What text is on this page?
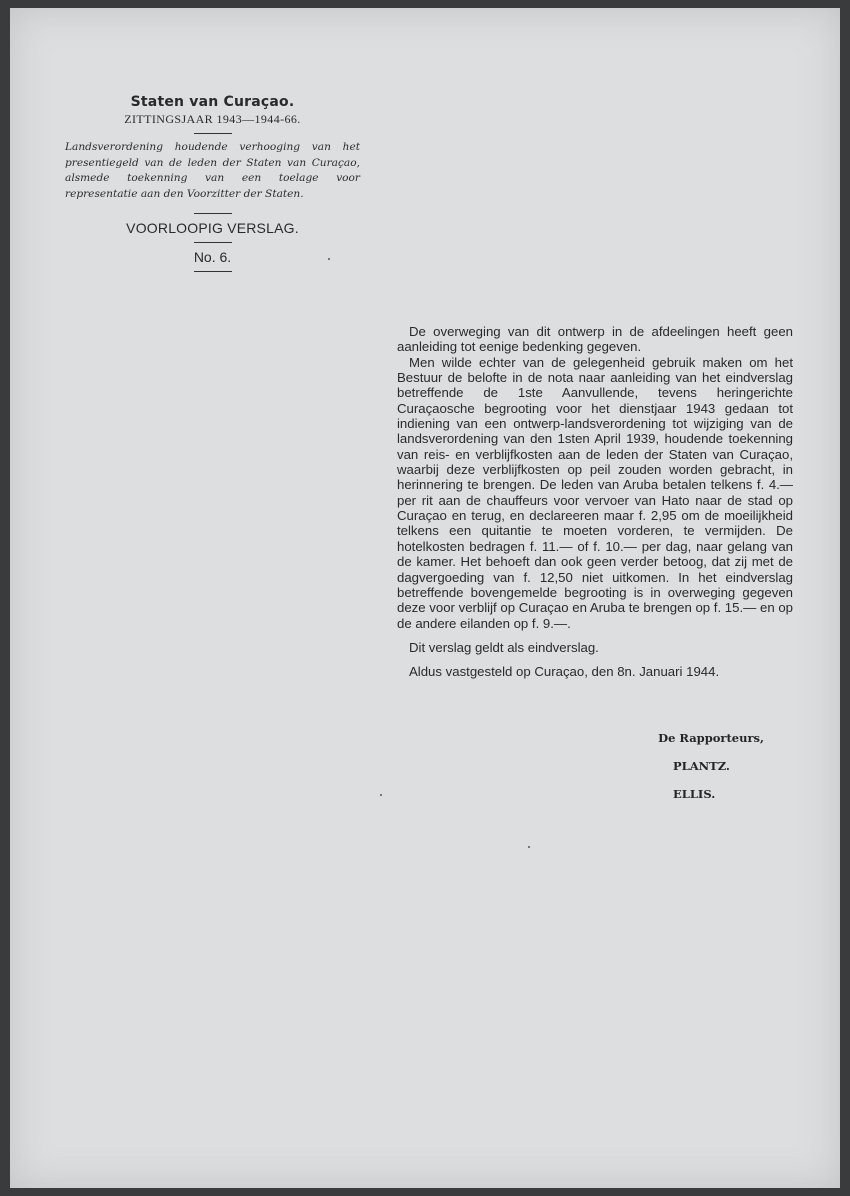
Staten van Curaçao.
ZITTINGSJAAR 1943—1944-66.
Landsverordening houdende verhooging van het presentiegeld van de leden der Staten van Curaçao, alsmede toekenning van een toelage voor representatie aan den Voorzitter der Staten.
VOORLOOPIG VERSLAG.
No. 6.

De overweging van dit ontwerp in de afdeelingen heeft geen aanleiding tot eenige bedenking gegeven.

Men wilde echter van de gelegenheid gebruik maken om het Bestuur de belofte in de nota naar aanleiding van het eindverslag betreffende de 1ste Aanvullende, tevens heringerichte Curaçaosche begrooting voor het dienstjaar 1943 gedaan tot indiening van een ontwerp-landsverordening tot wijziging van de landsverordening van den 1sten April 1939, houdende toekenning van reis- en verblijfkosten aan de leden der Staten van Curaçao, waarbij deze verblijfkosten op peil zouden worden gebracht, in herinnering te brengen. De leden van Aruba betalen telkens f. 4.— per rit aan de chauffeurs voor vervoer van Hato naar de stad op Curaçao en terug, en declareeren maar f. 2,95 om de moeilijkheid telkens een quitantie te moeten vorderen, te vermijden. De hotelkosten bedragen f. 11.— of f. 10.— per dag, naar gelang van de kamer. Het behoeft dan ook geen verder betoog, dat zij met de dagvergoeding van f. 12,50 niet uitkomen. In het eindverslag betreffende bovengemelde begrooting is in overweging gegeven deze voor verblijf op Curaçao en Aruba te brengen op f. 15.— en op de andere eilanden op f. 9.—.

Dit verslag geldt als eindverslag.

Aldus vastgesteld op Curaçao, den 8n. Januari 1944.

De Rapporteurs,
PLANTZ.
ELLIS.
